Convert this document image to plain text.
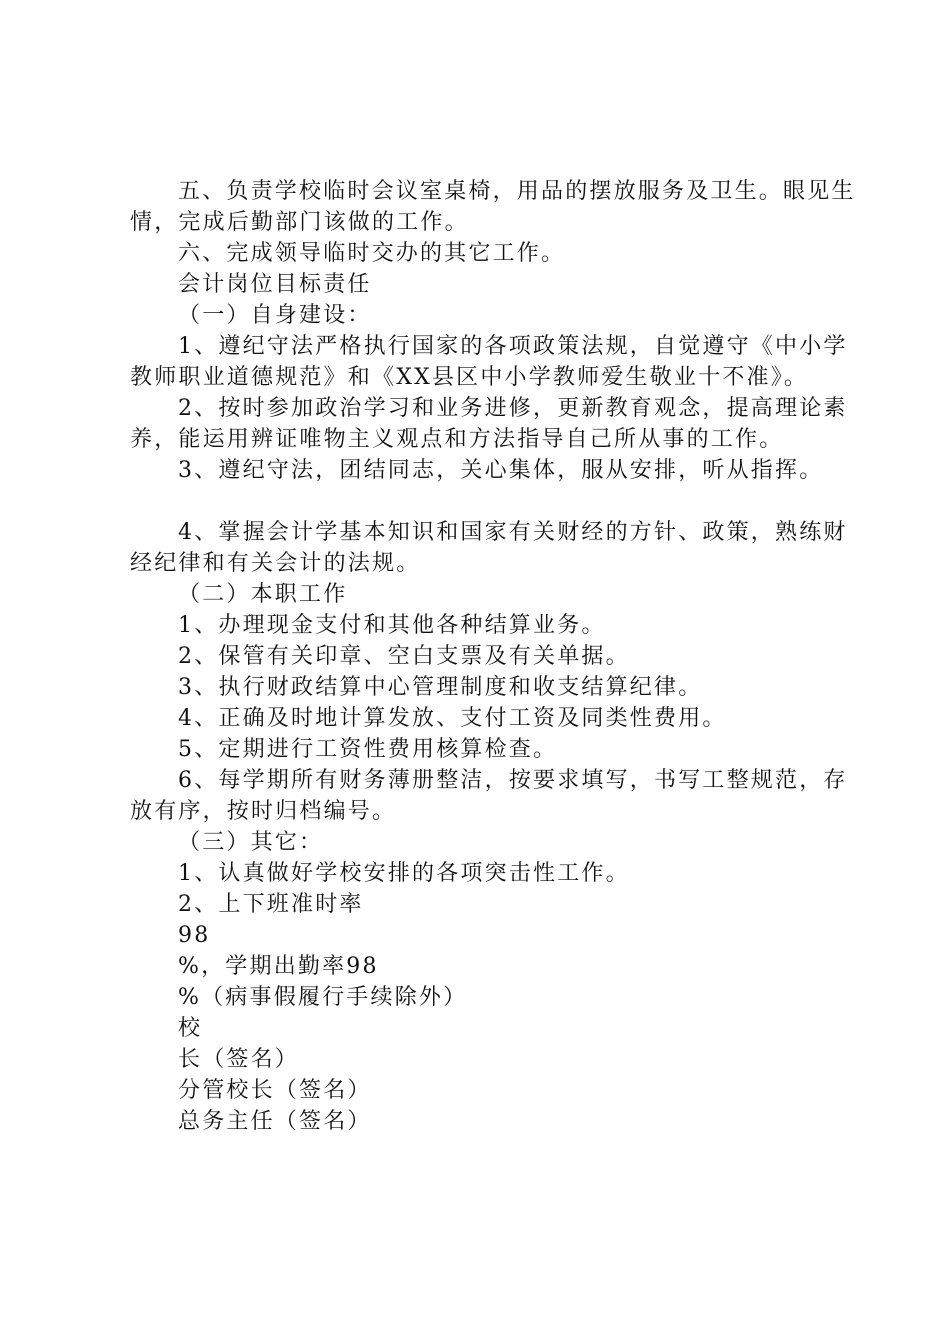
五、负责学校临时会议室桌椅，用品的摆放服务及卫生。眼见生情，完成后勤部门该做的工作。

六、完成领导临时交办的其它工作。

会计岗位目标责任

（一）自身建设：

1、遵纪守法严格执行国家的各项政策法规，自觉遵守《中小学教师职业道德规范》和《XX县区中小学教师爱生敬业十不准》。

2、按时参加政治学习和业务进修，更新教育观念，提高理论素养，能运用辨证唯物主义观点和方法指导自己所从事的工作。

3、遵纪守法，团结同志，关心集体，服从安排，听从指挥。

4、掌握会计学基本知识和国家有关财经的方针、政策，熟练财经纪律和有关会计的法规。

（二）本职工作

1、办理现金支付和其他各种结算业务。

2、保管有关印章、空白支票及有关单据。

3、执行财政结算中心管理制度和收支结算纪律。

4、正确及时地计算发放、支付工资及同类性费用。

5、定期进行工资性费用核算检查。

6、每学期所有财务薄册整洁，按要求填写，书写工整规范，存放有序，按时归档编号。

（三）其它：

1、认真做好学校安排的各项突击性工作。

2、上下班准时率

98

%，学期出勤率98

%（病事假履行手续除外）

校

长（签名）

分管校长（签名）

总务主任（签名）
